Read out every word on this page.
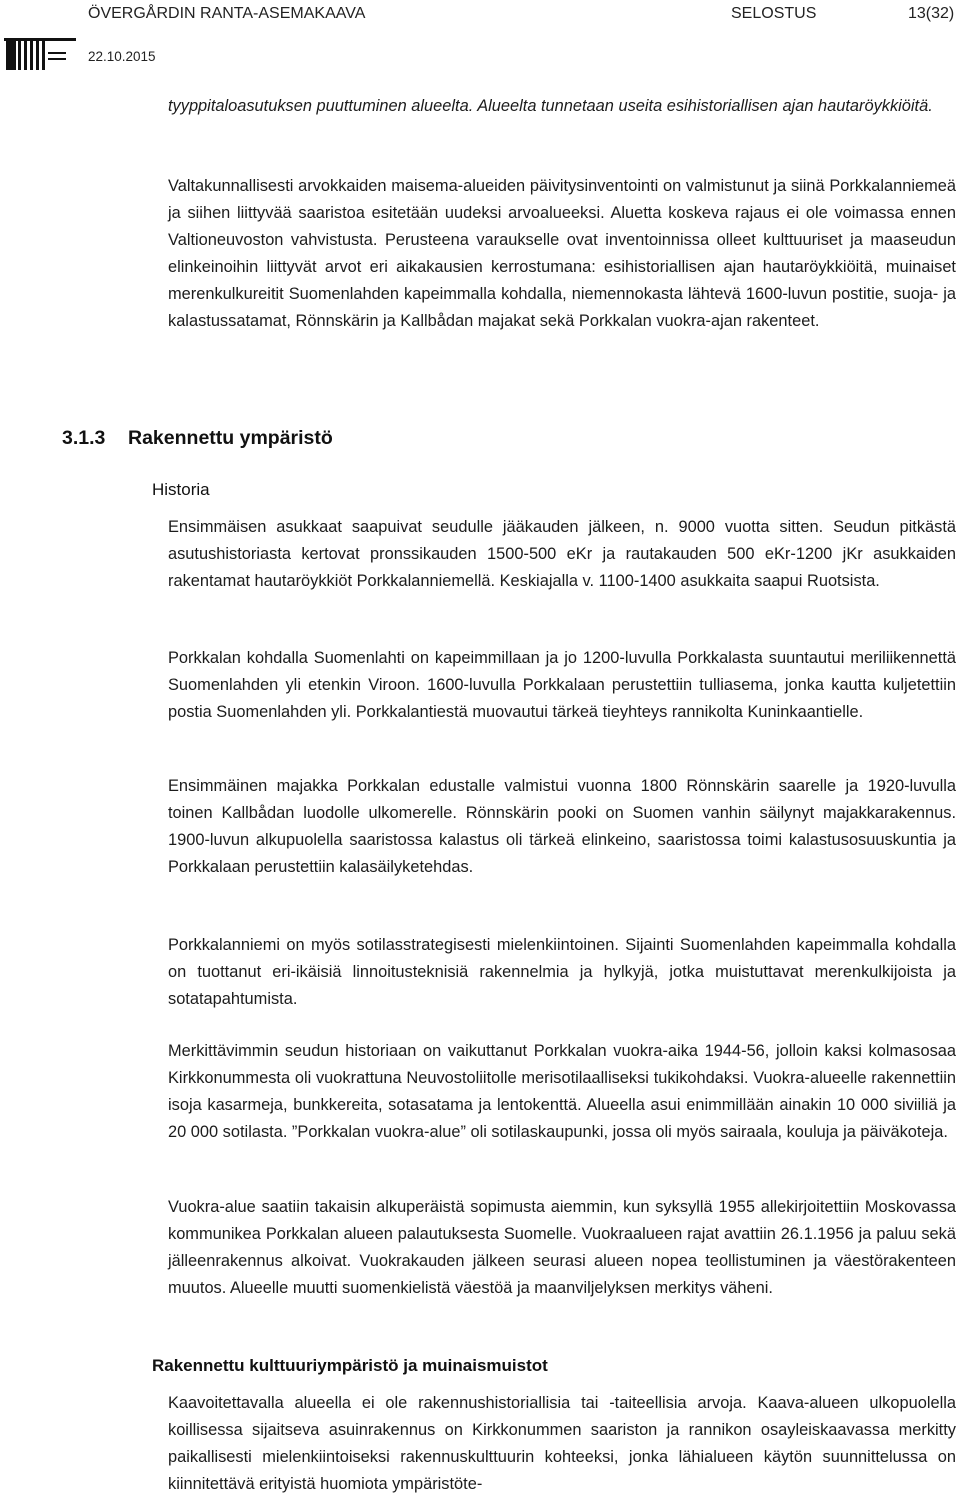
ÖVERGÅRDIN RANTA-ASEMAKAAVA	SELOSTUS	13(32)
22.10.2015

tyyppitaloasutuksen puuttuminen alueelta. Alueelta tunnetaan useita esihistoriallisen ajan hautaröykkiöitä.

Valtakunnallisesti arvokkaiden maisema-alueiden päivitysinventointi on valmistunut ja siinä Porkkalanniemeä ja siihen liittyvää saaristoa esitetään uudeksi arvoalueeksi. Aluetta koskeva rajaus ei ole voimassa ennen Valtioneuvoston vahvistusta. Perusteena varaukselle ovat inventoinnissa olleet kulttuuriset ja maaseudun elinkeinoihin liittyvät arvot eri aikakausien kerrostumana: esihistoriallisen ajan hautaröykkiöitä, muinaiset merenkulkureitit Suomenlahden kapeimmalla kohdalla, niemennokasta lähtevä 1600-luvun postitie, suoja- ja kalastussatamat, Rönnskärin ja Kallbådan majakat sekä Porkkalan vuokra-ajan rakenteet.

3.1.3 Rakennettu ympäristö
Historia

Ensimmäisen asukkaat saapuivat seudulle jääkauden jälkeen, n. 9000 vuotta sitten. Seudun pitkästä asutushistoriasta kertovat pronssikauden 1500-500 eKr ja rautakauden 500 eKr-1200 jKr asukkaiden rakentamat hautaröykkiöt Porkkalanniemellä. Keskiajalla v. 1100-1400 asukkaita saapui Ruotsista.

Porkkalan kohdalla Suomenlahti on kapeimmillaan ja jo 1200-luvulla Porkkalasta suuntautui meriliikennettä Suomenlahden yli etenkin Viroon. 1600-luvulla Porkkalaan perustettiin tulliasema, jonka kautta kuljetettiin postia Suomenlahden yli. Porkkalantiestä muovautui tärkeä tieyhteys rannikolta Kuninkaantielle.

Ensimmäinen majakka Porkkalan edustalle valmistui vuonna 1800 Rönnskärin saarelle ja 1920-luvulla toinen Kallbådan luodolle ulkomerelle. Rönnskärin pooki on Suomen vanhin säilynyt majakkarakennus. 1900-luvun alkupuolella saaristossa kalastus oli tärkeä elinkeino, saaristossa toimi kalastusosuuskuntia ja Porkkalaan perustettiin kalasäilyketehdas.

Porkkalanniemi on myös sotilasstrategisesti mielenkiintoinen. Sijainti Suomenlahden kapeimmalla kohdalla on tuottanut eri-ikäisiä linnoitusteknisiä rakennelmia ja hylkyjä, jotka muistuttavat merenkulkijoista ja sotatapahtumista.

Merkittävimmin seudun historiaan on vaikuttanut Porkkalan vuokra-aika 1944-56, jolloin kaksi kolmasosaa Kirkkonummesta oli vuokrattuna Neuvostoliitolle merisotilaalliseksi tukikohdaksi. Vuokra-alueelle rakennettiin isoja kasarmeja, bunkkereita, sotasatama ja lentokenttä. Alueella asui enimmillään ainakin 10 000 siviiliä ja 20 000 sotilasta. ”Porkkalan vuokra-alue” oli sotilaskaupunki, jossa oli myös sairaala, kouluja ja päiväkoteja.

Vuokra-alue saatiin takaisin alkuperäistä sopimusta aiemmin, kun syksyllä 1955 allekirjoitettiin Moskovassa kommunikea Porkkalan alueen palautuksesta Suomelle. Vuokraalueen rajat avattiin 26.1.1956 ja paluu sekä jälleenrakennus alkoivat. Vuokrakauden jälkeen seurasi alueen nopea teollistuminen ja väestörakenteen muutos. Alueelle muutti suomenkielistä väestöä ja maanviljelyksen merkitys väheni.

Rakennettu kulttuuriympäristö ja muinaismuistot

Kaavoitettavalla alueella ei ole rakennushistoriallisia tai -taiteellisia arvoja. Kaava-alueen ulkopuolella koillisessa sijaitseva asuinrakennus on Kirkkonummen saariston ja rannikon osayleiskaavassa merkitty paikallisesti mielenkiintoiseksi rakennuskulttuurin kohteeksi, jonka lähialueen käytön suunnittelussa on kiinnitettävä erityistä huomiota ympäristöte-
